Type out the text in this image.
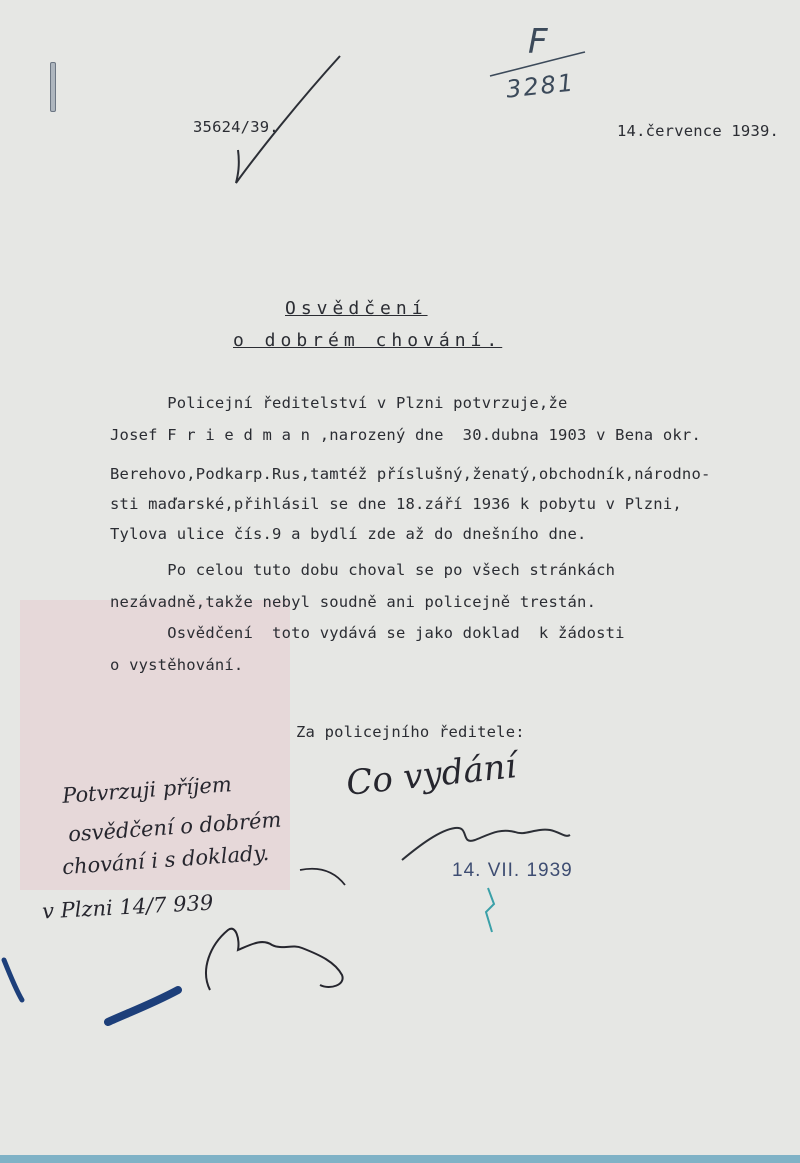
F
3281
35624/39.	14.července 1939.
Osvědčení
o dobrém chování.
Policejní ředitelství v Plzni potvrzuje,že
Josef F r i e d m a n ,narozený dne  30.dubna 1903 v Bena okr.
Berehovo,Podkarp.Rus,tamtéž příslušný,ženatý,obchodník,národno-
sti maďarské,přihlásil se dne 18.září 1936 k pobytu v Plzni,
Tylova ulice čís.9 a bydlí zde až do dnešního dne.
Po celou tuto dobu choval se po všech stránkách
nezávadně,takže nebyl soudně ani policejně trestán.
Osvědčení  toto vydává se jako doklad  k žádosti
o vystěhování.
Za policejního ředitele:
Co vydání
14. VII. 1939
Potvrzuji příjem
osvědčení o dobrém
chování i s doklady.
v Plzni 14/7 939
